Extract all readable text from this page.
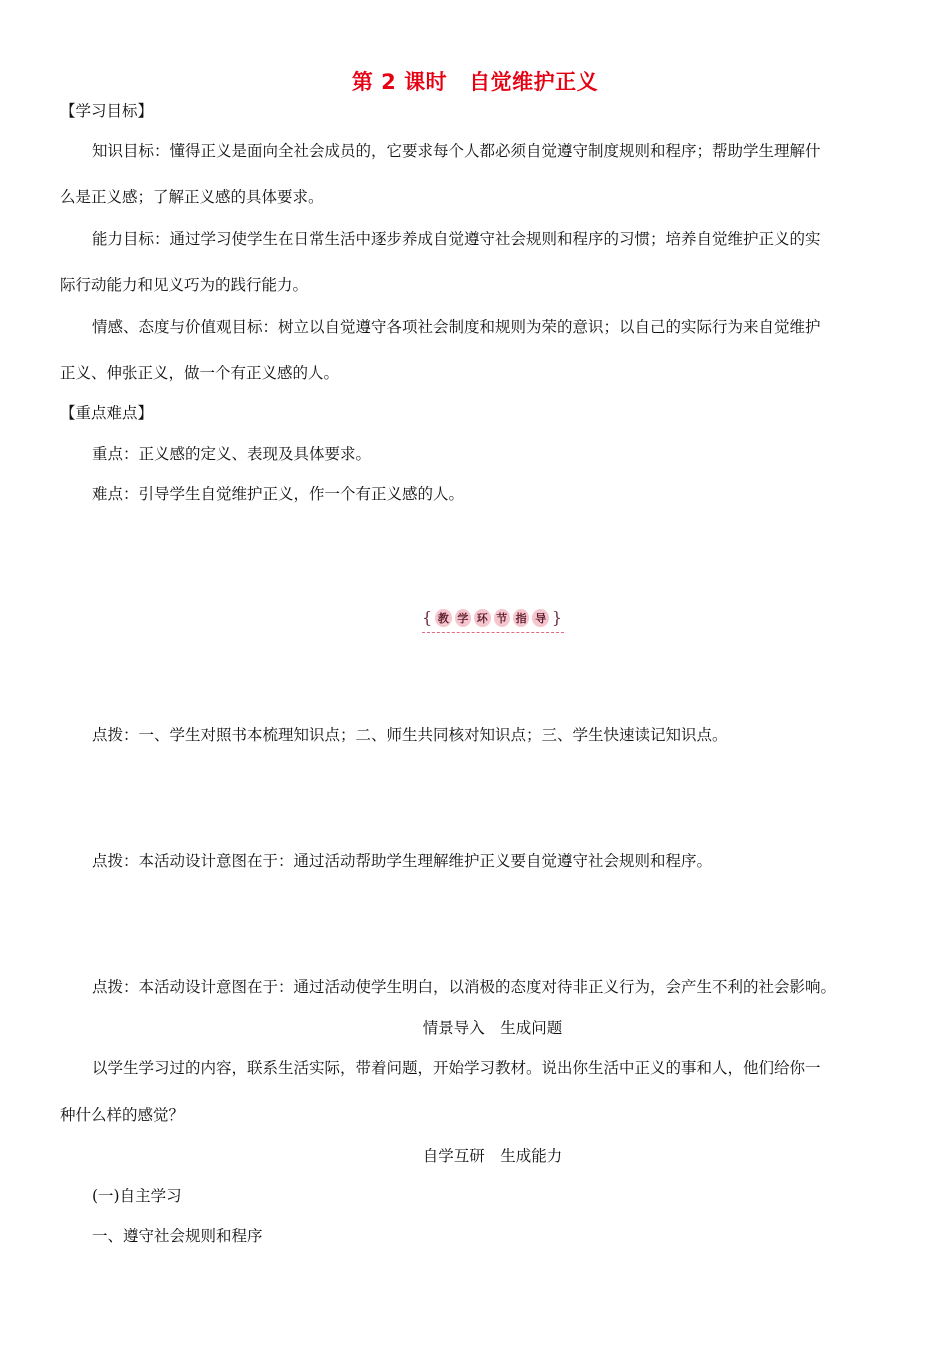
第 2 课时 自觉维护正义
【学习目标】
知识目标：懂得正义是面向全社会成员的，它要求每个人都必须自觉遵守制度规则和程序；帮助学生理解什
么是正义感；了解正义感的具体要求。
能力目标：通过学习使学生在日常生活中逐步养成自觉遵守社会规则和程序的习惯；培养自觉维护正义的实
际行动能力和见义巧为的践行能力。
情感、态度与价值观目标：树立以自觉遵守各项社会制度和规则为荣的意识；以自己的实际行为来自觉维护
正义、伸张正义，做一个有正义感的人。
【重点难点】
重点：正义感的定义、表现及具体要求。
难点：引导学生自觉维护正义，作一个有正义感的人。
{ 教 学 环 节 指 导 }
点拨：一、学生对照书本梳理知识点；二、师生共同核对知识点；三、学生快速读记知识点。
点拨：本活动设计意图在于：通过活动帮助学生理解维护正义要自觉遵守社会规则和程序。
点拨：本活动设计意图在于：通过活动使学生明白，以消极的态度对待非正义行为，会产生不利的社会影响。
情景导入　生成问题
以学生学习过的内容，联系生活实际，带着问题，开始学习教材。说出你生活中正义的事和人，他们给你一
种什么样的感觉？
自学互研　生成能力
(一)自主学习
一、遵守社会规则和程序
